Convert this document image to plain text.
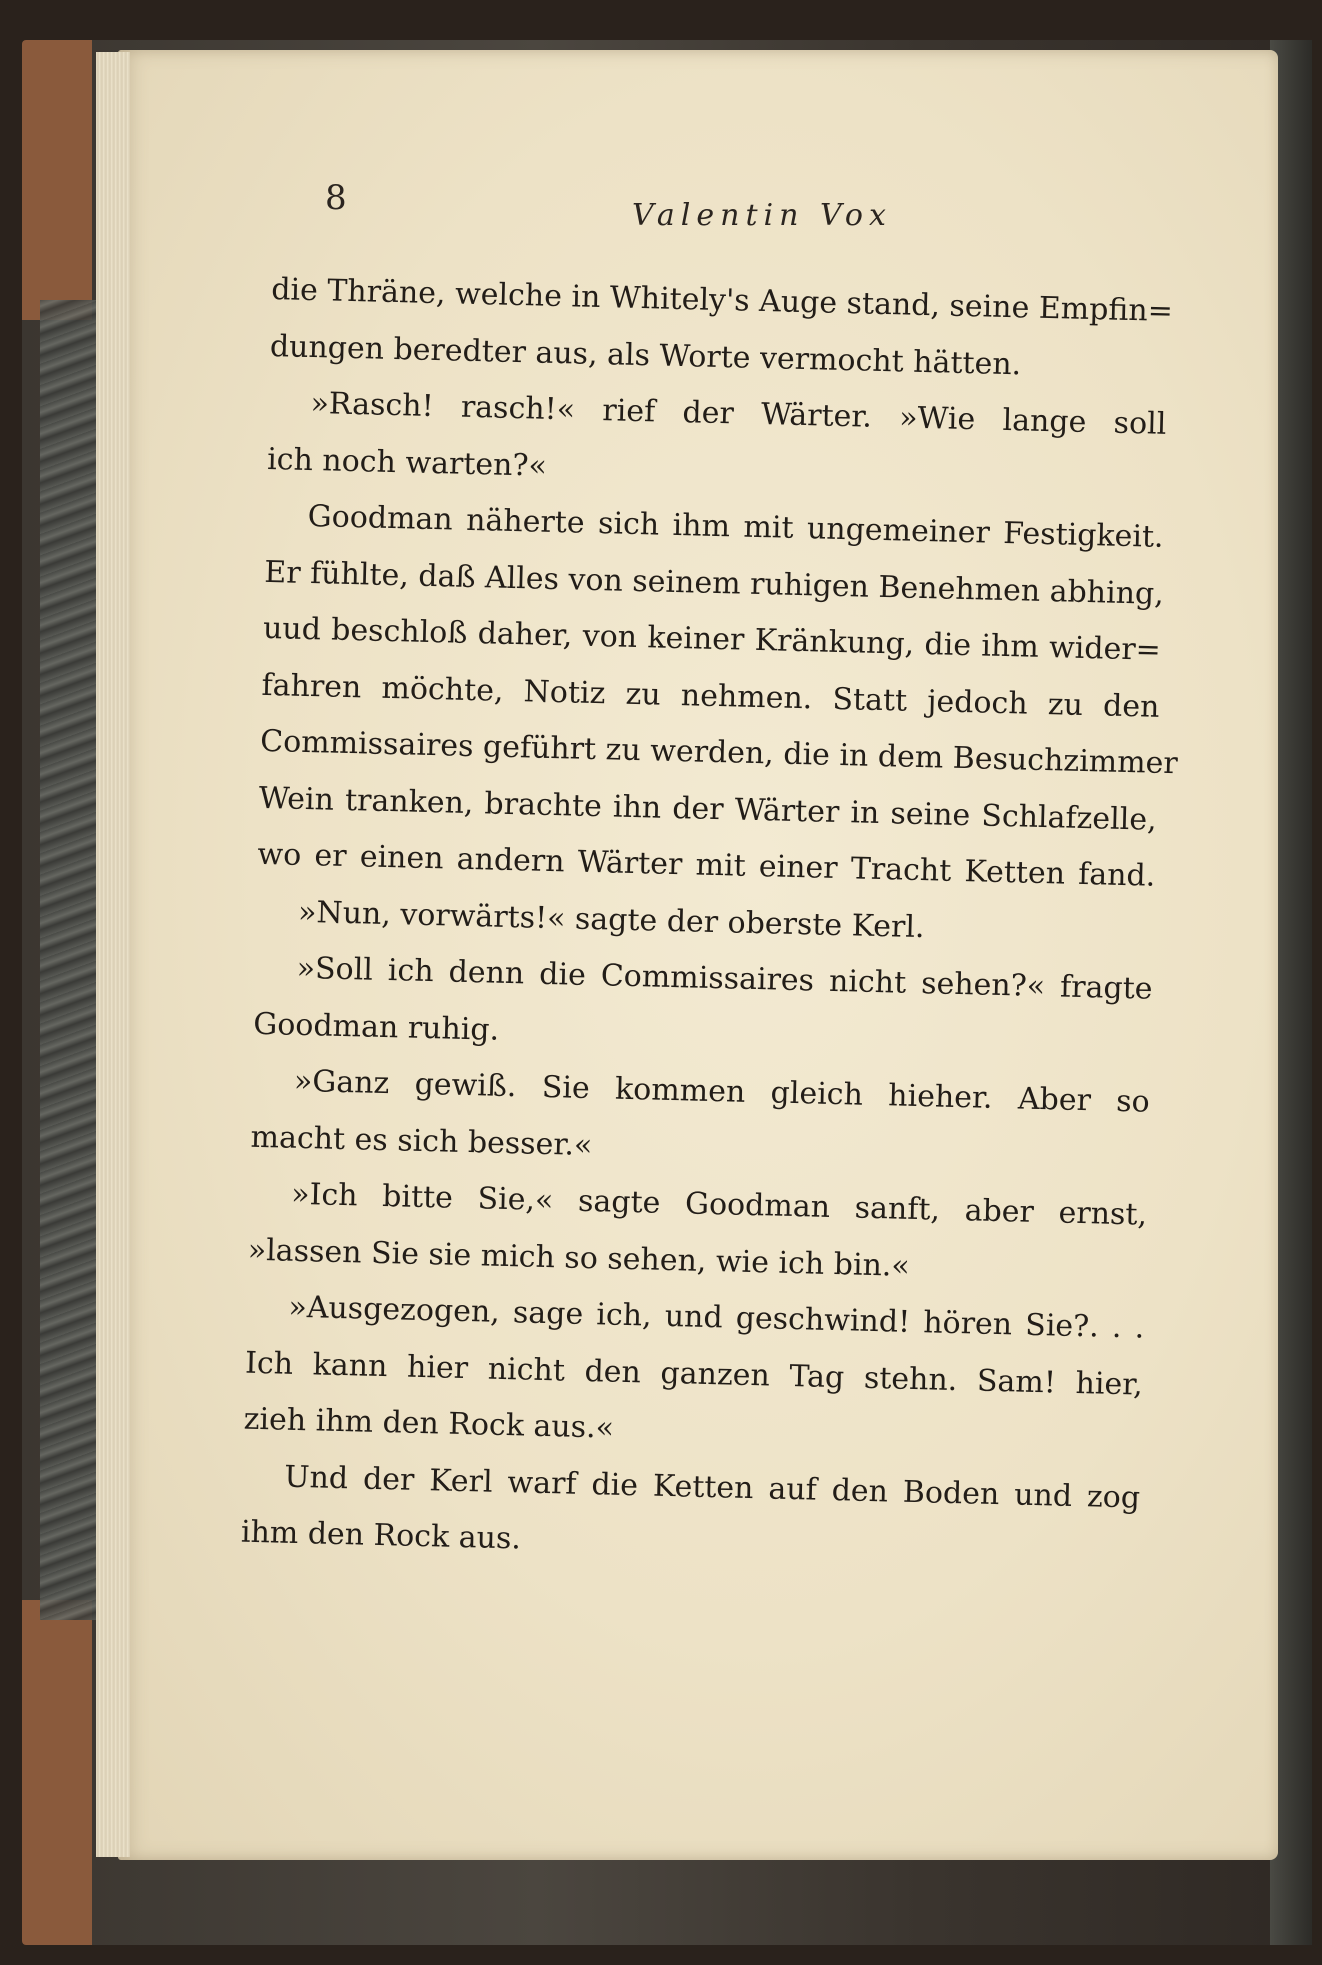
8	Valentin Vox
die Thräne, welche in Whitely's Auge stand, seine Empfin=
dungen beredter aus, als Worte vermocht hätten.
»Rasch! rasch!« rief der Wärter. »Wie lange soll
ich noch warten?«
Goodman näherte sich ihm mit ungemeiner Festigkeit.
Er fühlte, daß Alles von seinem ruhigen Benehmen abhing,
uud beschloß daher, von keiner Kränkung, die ihm wider=
fahren möchte, Notiz zu nehmen. Statt jedoch zu den
Commissaires geführt zu werden, die in dem Besuchzimmer
Wein tranken, brachte ihn der Wärter in seine Schlafzelle,
wo er einen andern Wärter mit einer Tracht Ketten fand.
»Nun, vorwärts!« sagte der oberste Kerl.
»Soll ich denn die Commissaires nicht sehen?« fragte
Goodman ruhig.
»Ganz gewiß. Sie kommen gleich hieher. Aber so
macht es sich besser.«
»Ich bitte Sie,« sagte Goodman sanft, aber ernst,
»lassen Sie sie mich so sehen, wie ich bin.«
»Ausgezogen, sage ich, und geschwind! hören Sie?. . .
Ich kann hier nicht den ganzen Tag stehn. Sam! hier,
zieh ihm den Rock aus.«
Und der Kerl warf die Ketten auf den Boden und zog
ihm den Rock aus.
